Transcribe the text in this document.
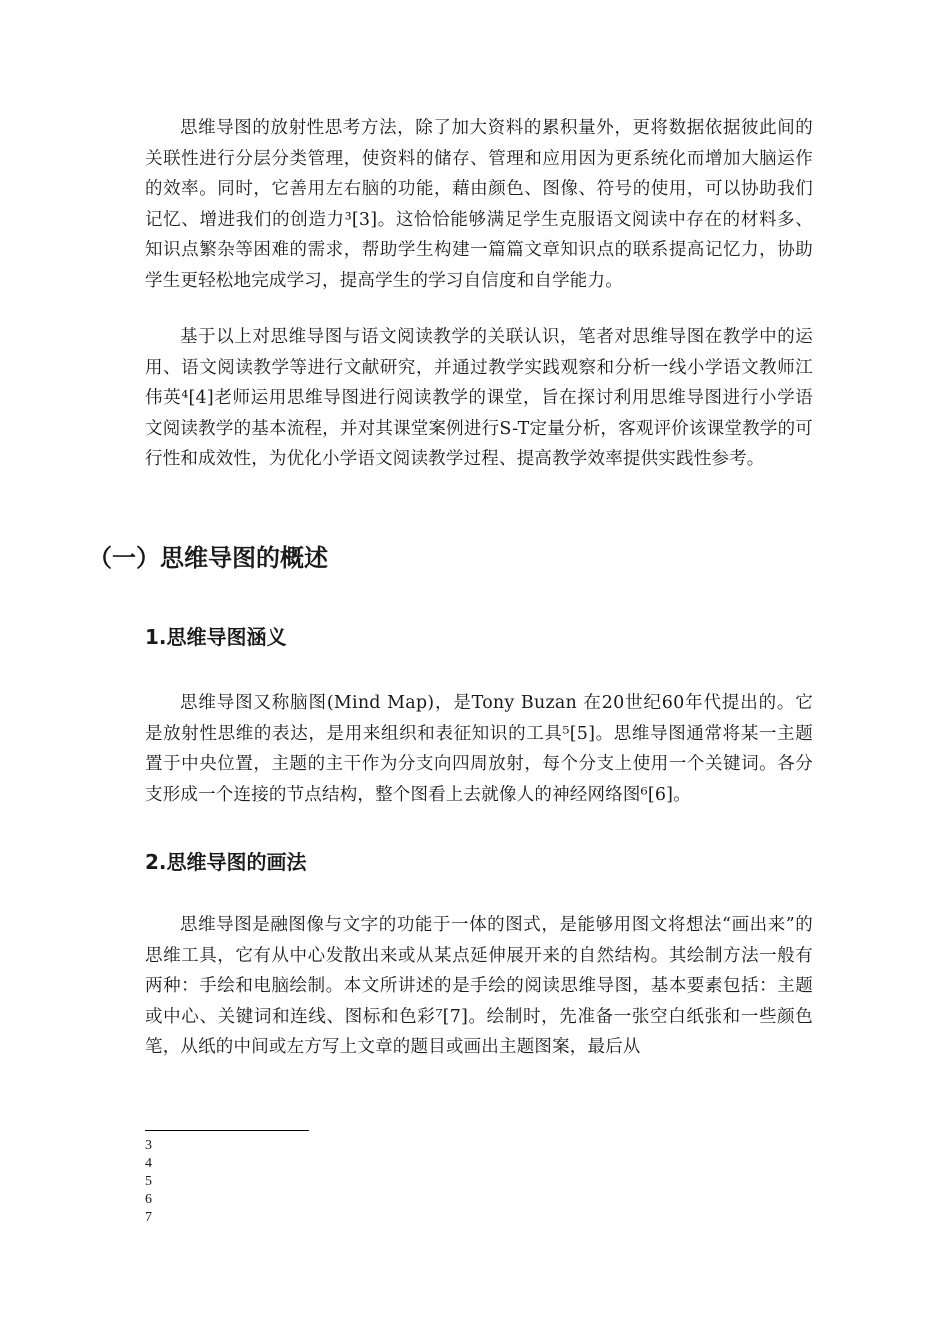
思维导图的放射性思考方法，除了加大资料的累积量外，更将数据依据彼此间的关联性进行分层分类管理，使资料的储存、管理和应用因为更系统化而增加大脑运作的效率。同时，它善用左右脑的功能，藉由颜色、图像、符号的使用，可以协助我们记忆、增进我们的创造力³[3]。这恰恰能够满足学生克服语文阅读中存在的材料多、知识点繁杂等困难的需求，帮助学生构建一篇篇文章知识点的联系提高记忆力，协助学生更轻松地完成学习，提高学生的学习自信度和自学能力。

基于以上对思维导图与语文阅读教学的关联认识，笔者对思维导图在教学中的运用、语文阅读教学等进行文献研究，并通过教学实践观察和分析一线小学语文教师江伟英⁴[4]老师运用思维导图进行阅读教学的课堂，旨在探讨利用思维导图进行小学语文阅读教学的基本流程，并对其课堂案例进行S-T定量分析，客观评价该课堂教学的可行性和成效性，为优化小学语文阅读教学过程、提高教学效率提供实践性参考。

（一）思维导图的概述
1.思维导图涵义

思维导图又称脑图(Mind Map)，是Tony Buzan 在20世纪60年代提出的。它是放射性思维的表达，是用来组织和表征知识的工具⁵[5]。思维导图通常将某一主题置于中央位置，主题的主干作为分支向四周放射，每个分支上使用一个关键词。各分支形成一个连接的节点结构，整个图看上去就像人的神经网络图⁶[6]。

2.思维导图的画法

思维导图是融图像与文字的功能于一体的图式，是能够用图文将想法“画出来”的思维工具，它有从中心发散出来或从某点延伸展开来的自然结构。其绘制方法一般有两种：手绘和电脑绘制。本文所讲述的是手绘的阅读思维导图，基本要素包括：主题或中心、关键词和连线、图标和色彩⁷[7]。绘制时，先准备一张空白纸张和一些颜色笔，从纸的中间或左方写上文章的题目或画出主题图案，最后从

3
4
5
6
7
